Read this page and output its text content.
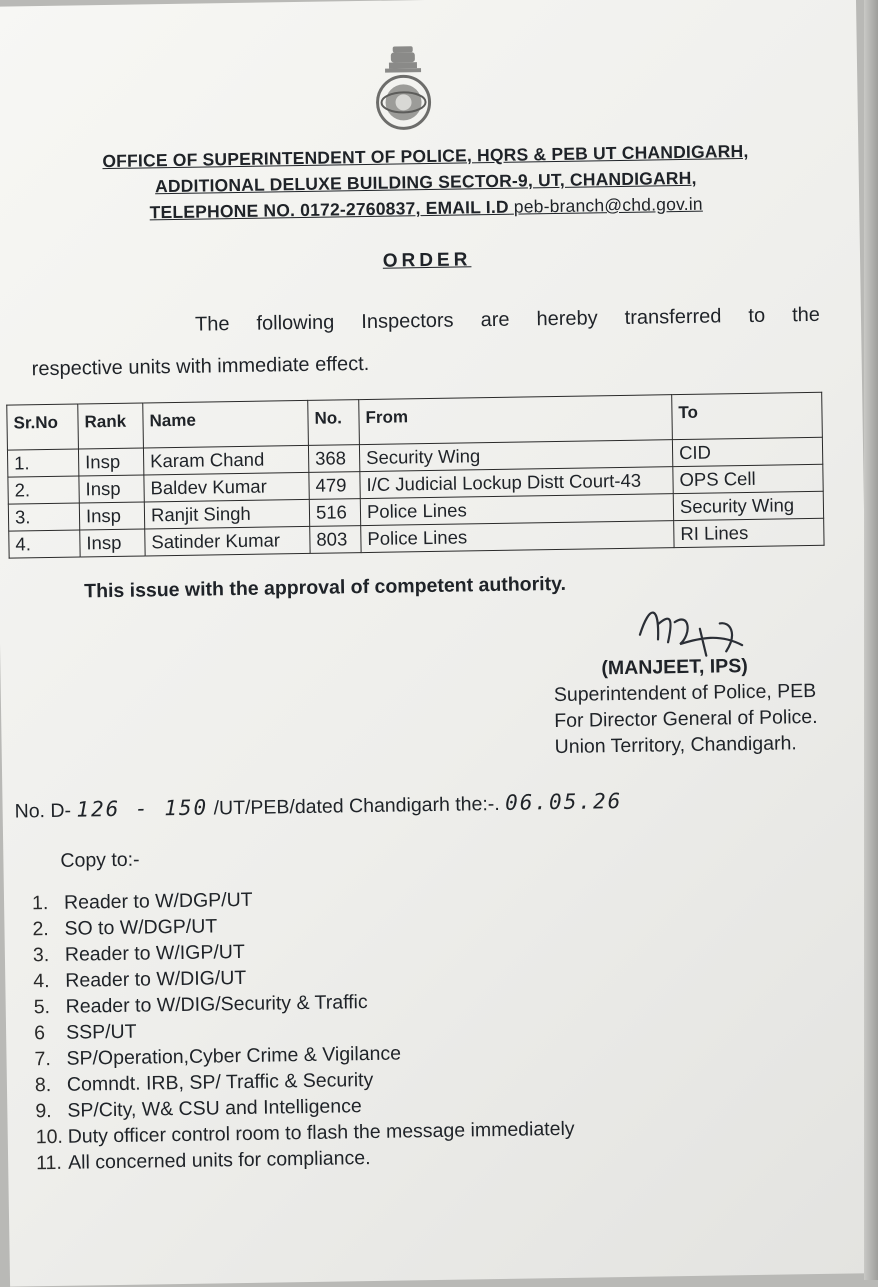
OFFICE OF SUPERINTENDENT OF POLICE, HQRS & PEB UT CHANDIGARH,
ADDITIONAL DELUXE BUILDING SECTOR-9, UT, CHANDIGARH,
TELEPHONE NO. 0172-2760837, EMAIL I.D peb-branch@chd.gov.in
ORDER
The following Inspectors are hereby transferred to the
respective units with immediate effect.
Sr.No	Rank	Name	No.	From	To
1.	Insp	Karam Chand	368	Security Wing	CID
2.	Insp	Baldev Kumar	479	I/C Judicial Lockup Distt Court-43	OPS Cell
3.	Insp	Ranjit Singh	516	Police Lines	Security Wing
4.	Insp	Satinder Kumar	803	Police Lines	RI Lines
This issue with the approval of competent authority.
(MANJEET, IPS)
Superintendent of Police, PEB
For Director General of Police.
Union Territory, Chandigarh.
No. D- 126 - 150 /UT/PEB/dated Chandigarh the:-. 06.05.26
Copy to:-
1. Reader to W/DGP/UT
2. SO to W/DGP/UT
3. Reader to W/IGP/UT
4. Reader to W/DIG/UT
5. Reader to W/DIG/Security & Traffic
6 SSP/UT
7. SP/Operation,Cyber Crime & Vigilance
8. Comndt. IRB, SP/ Traffic & Security
9. SP/City, W& CSU and Intelligence
10. Duty officer control room to flash the message immediately
11. All concerned units for compliance.
